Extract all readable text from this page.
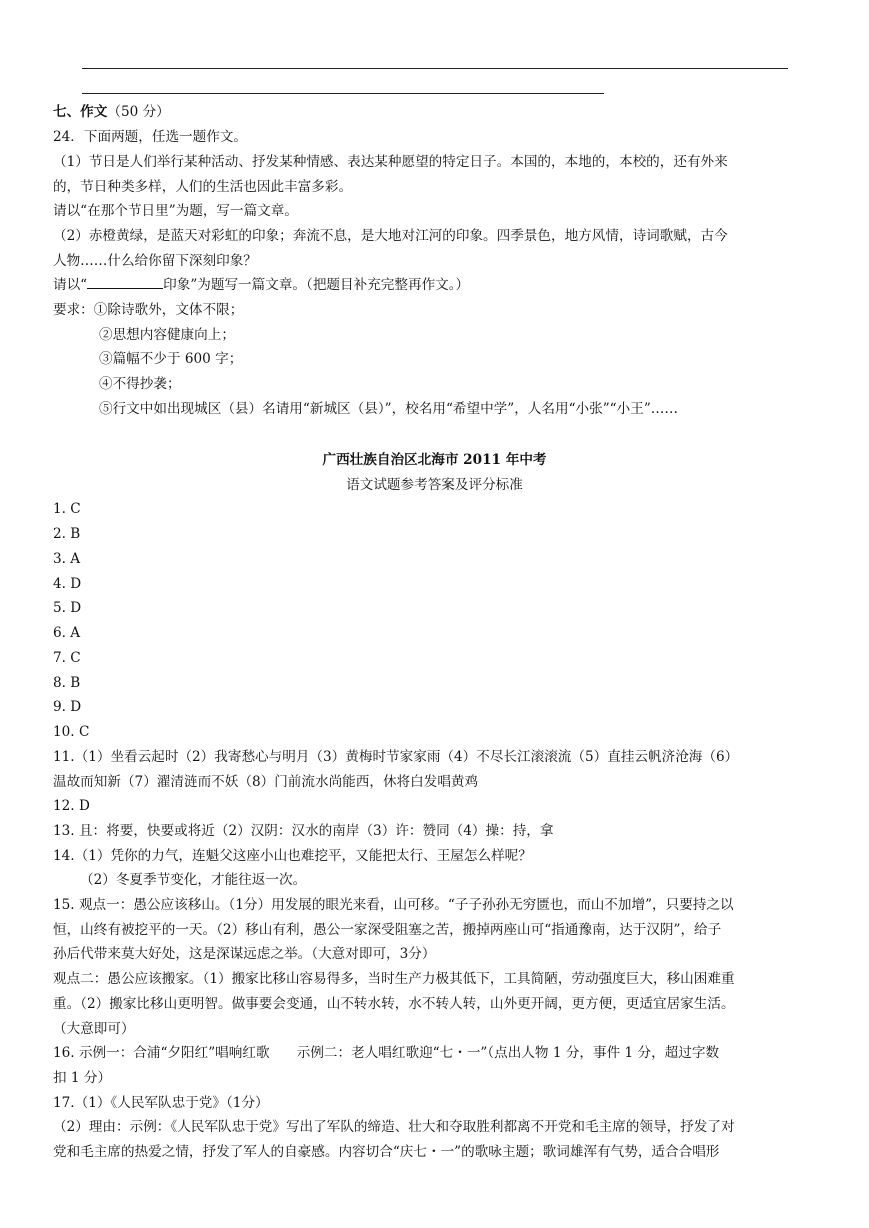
七、作文（50 分）
24．下面两题，任选一题作文。
（1）节日是人们举行某种活动、抒发某种情感、表达某种愿望的特定日子。本国的，本地的，本校的，还有外来
的，节日种类多样，人们的生活也因此丰富多彩。
请以“在那个节日里”为题，写一篇文章。
（2）赤橙黄绿，是蓝天对彩虹的印象；奔流不息，是大地对江河的印象。四季景色，地方风情，诗词歌赋，古今
人物……什么给你留下深刻印象？
请以“	印象”为题写一篇文章。（把题目补充完整再作文。）
要求：①除诗歌外，文体不限；
②思想内容健康向上；
③篇幅不少于 600 字；
④不得抄袭；
⑤行文中如出现城区（县）名请用“新城区（县）”，校名用“希望中学”，人名用“小张”“小王”……
广西壮族自治区北海市 2011 年中考
语文试题参考答案及评分标准
1. C
2. B
3. A
4. D
5. D
6. A
7. C
8. B
9. D
10. C
11.（1）坐看云起时（2）我寄愁心与明月（3）黄梅时节家家雨（4）不尽长江滚滚流（5）直挂云帆济沧海（6）
温故而知新（7）濯清涟而不妖（8）门前流水尚能西，休将白发唱黄鸡
12. D
13. 且：将要，快要或将近（2）汉阴：汉水的南岸（3）许：赞同（4）操：持，拿
14.（1）凭你的力气，连魁父这座小山也难挖平，又能把太行、王屋怎么样呢？
（2）冬夏季节变化，才能往返一次。
15. 观点一：愚公应该移山。（1分）用发展的眼光来看，山可移。“子子孙孙无穷匮也，而山不加增”，只要持之以
恒，山终有被挖平的一天。（2）移山有利，愚公一家深受阻塞之苦，搬掉两座山可“指通豫南，达于汉阴”，给子
孙后代带来莫大好处，这是深谋远虑之举。（大意对即可，3分）
观点二：愚公应该搬家。（1）搬家比移山容易得多，当时生产力极其低下，工具简陋，劳动强度巨大，移山困难重
重。（2）搬家比移山更明智。做事要会变通，山不转水转，水不转人转，山外更开阔，更方便，更适宜居家生活。
（大意即可）
16. 示例一：合浦“夕阳红”唱响红歌　　示例二：老人唱红歌迎“七・一”（点出人物 1 分，事件 1 分，超过字数
扣 1 分）
17.（1）《人民军队忠于党》（1分）
（2）理由：示例：《人民军队忠于党》写出了军队的缔造、壮大和夺取胜利都离不开党和毛主席的领导，抒发了对
党和毛主席的热爱之情，抒发了军人的自豪感。内容切合“庆七・一”的歌咏主题；歌词雄浑有气势，适合合唱形
